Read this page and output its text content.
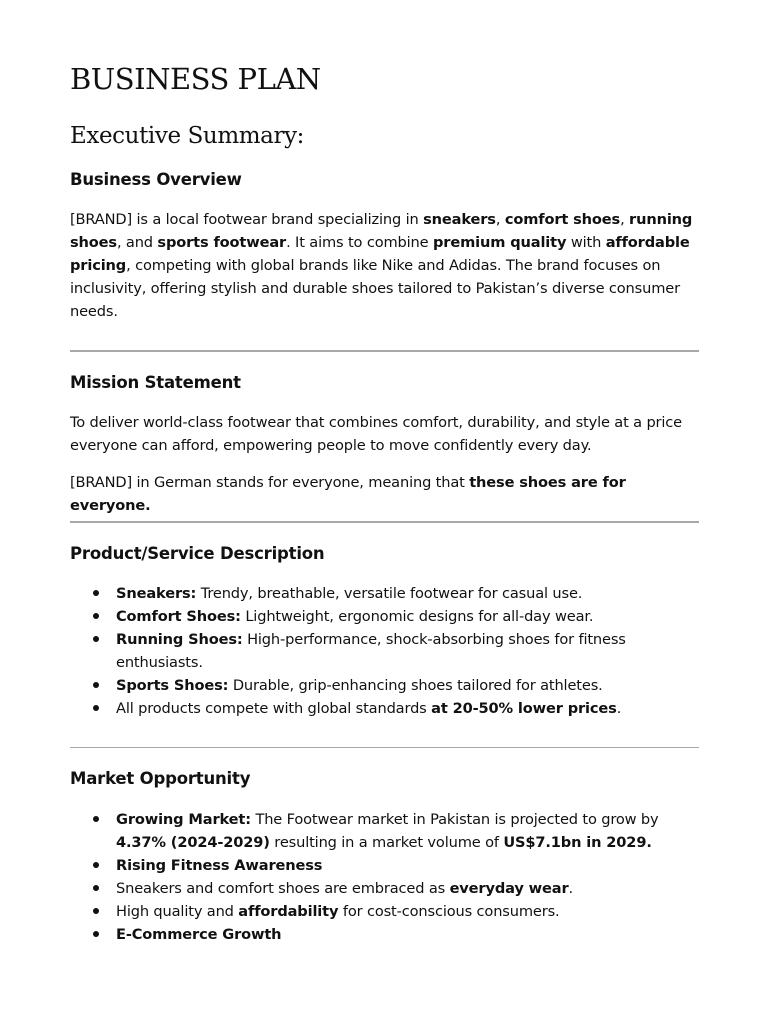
BUSINESS PLAN
Executive Summary:
Business Overview

[BRAND] is a local footwear brand specializing in sneakers, comfort shoes, running shoes, and sports footwear. It aims to combine premium quality with affordable pricing, competing with global brands like Nike and Adidas. The brand focuses on inclusivity, offering stylish and durable shoes tailored to Pakistan’s diverse consumer needs.

Mission Statement

To deliver world-class footwear that combines comfort, durability, and style at a price everyone can afford, empowering people to move confidently every day.

[BRAND] in German stands for everyone, meaning that these shoes are for everyone.

Product/Service Description
Sneakers: Trendy, breathable, versatile footwear for casual use.
Comfort Shoes: Lightweight, ergonomic designs for all-day wear.
Running Shoes: High-performance, shock-absorbing shoes for fitness enthusiasts.
Sports Shoes: Durable, grip-enhancing shoes tailored for athletes.
All products compete with global standards at 20-50% lower prices.
Market Opportunity
Growing Market: The Footwear market in Pakistan is projected to grow by 4.37% (2024-2029) resulting in a market volume of US$7.1bn in 2029.
Rising Fitness Awareness
Sneakers and comfort shoes are embraced as everyday wear.
High quality and affordability for cost-conscious consumers.
E-Commerce Growth
